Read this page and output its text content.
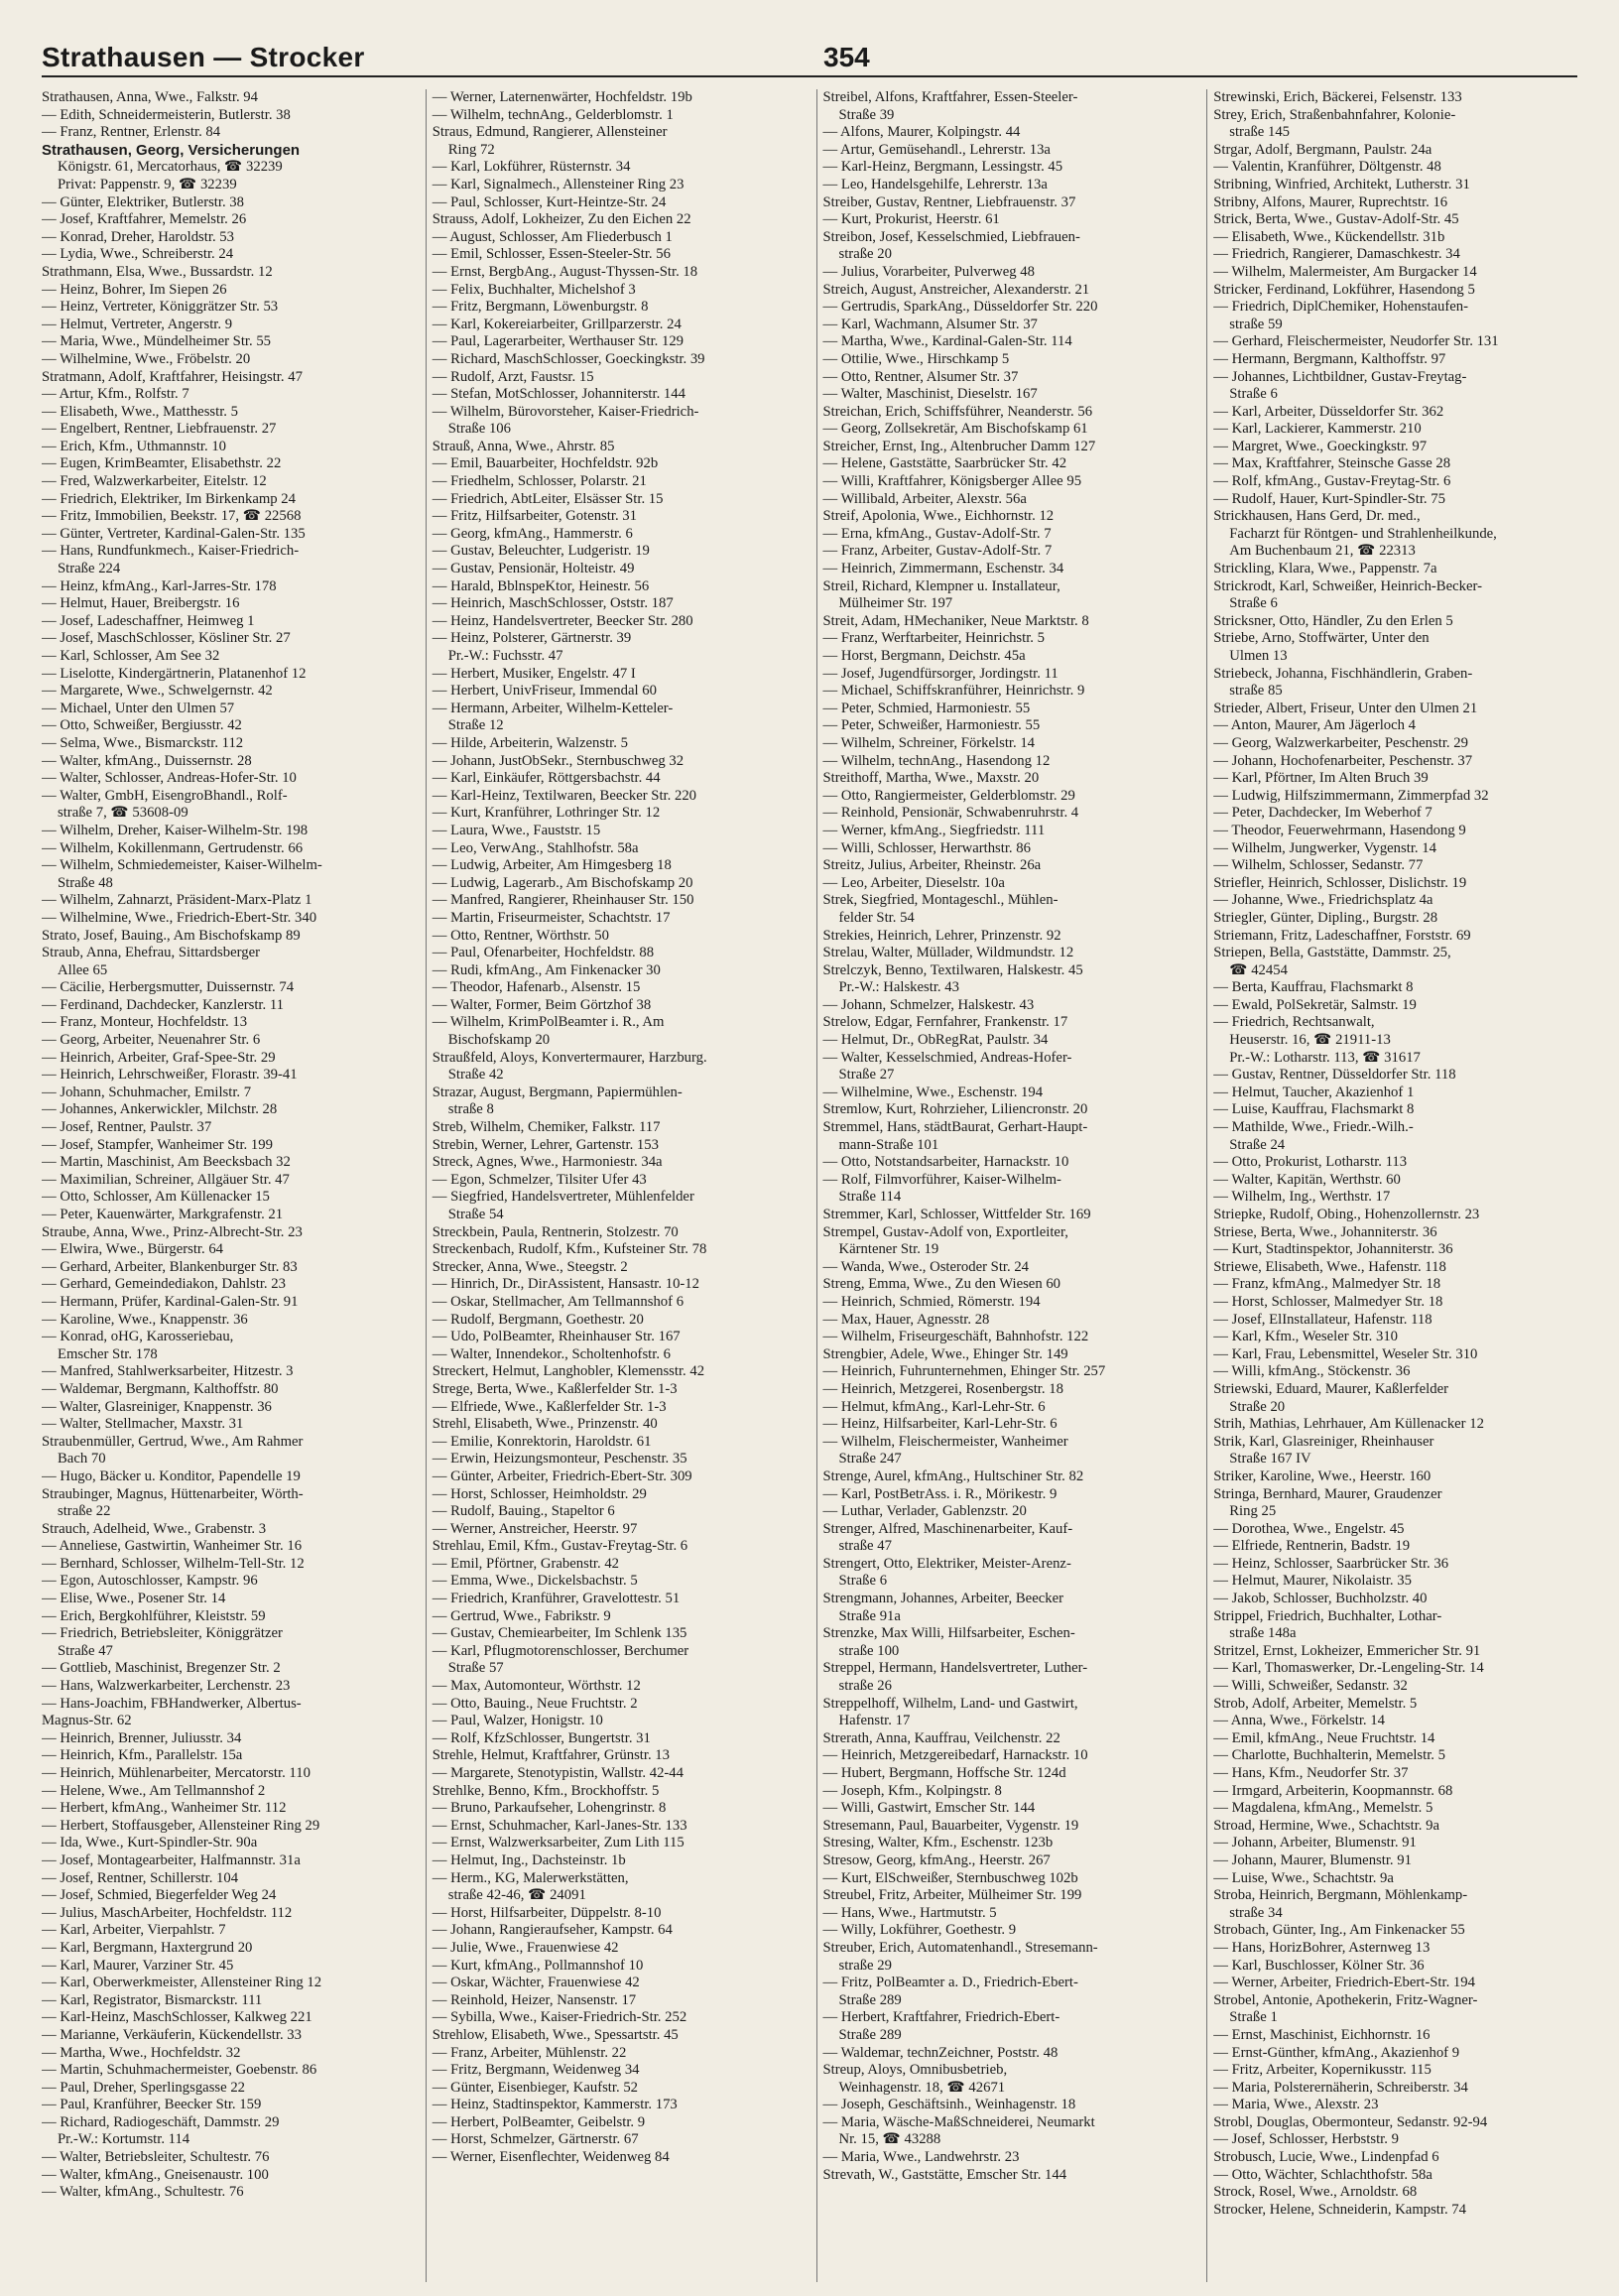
Strathausen — Strocker	354

Strathausen, Anna, Wwe., Falkstr. 94

— Edith, Schneidermeisterin, Butlerstr. 38

— Franz, Rentner, Erlenstr. 84

Strathausen, Georg, Versicherungen

Königstr. 61, Mercatorhaus, ☎ 32239

Privat: Pappenstr. 9, ☎ 32239

— Günter, Elektriker, Butlerstr. 38

— Josef, Kraftfahrer, Memelstr. 26

— Konrad, Dreher, Haroldstr. 53

— Lydia, Wwe., Schreiberstr. 24

Strathmann, Elsa, Wwe., Bussardstr. 12

— Heinz, Bohrer, Im Siepen 26

— Heinz, Vertreter, Königgrätzer Str. 53

— Helmut, Vertreter, Angerstr. 9

— Maria, Wwe., Mündelheimer Str. 55

— Wilhelmine, Wwe., Fröbelstr. 20

Stratmann, Adolf, Kraftfahrer, Heisingstr. 47

— Artur, Kfm., Rolfstr. 7

— Elisabeth, Wwe., Matthesstr. 5

— Engelbert, Rentner, Liebfrauenstr. 27

— Erich, Kfm., Uthmannstr. 10

— Eugen, KrimBeamter, Elisabethstr. 22

— Fred, Walzwerkarbeiter, Eitelstr. 12

— Friedrich, Elektriker, Im Birkenkamp 24

— Fritz, Immobilien, Beekstr. 17, ☎ 22568

— Günter, Vertreter, Kardinal-Galen-Str. 135

— Hans, Rundfunkmech., Kaiser-Friedrich-

Straße 224

— Heinz, kfmAng., Karl-Jarres-Str. 178

— Helmut, Hauer, Breibergstr. 16

— Josef, Ladeschaffner, Heimweg 1

— Josef, MaschSchlosser, Kösliner Str. 27

— Karl, Schlosser, Am See 32

— Liselotte, Kindergärtnerin, Platanenhof 12

— Margarete, Wwe., Schwelgernstr. 42

— Michael, Unter den Ulmen 57

— Otto, Schweißer, Bergiusstr. 42

— Selma, Wwe., Bismarckstr. 112

— Walter, kfmAng., Duissernstr. 28

— Walter, Schlosser, Andreas-Hofer-Str. 10

— Walter, GmbH, EisengroBhandl., Rolf-

straße 7, ☎ 53608-09

— Wilhelm, Dreher, Kaiser-Wilhelm-Str. 198

— Wilhelm, Kokillenmann, Gertrudenstr. 66

— Wilhelm, Schmiedemeister, Kaiser-Wilhelm-

Straße 48

— Wilhelm, Zahnarzt, Präsident-Marx-Platz 1

— Wilhelmine, Wwe., Friedrich-Ebert-Str. 340

Strato, Josef, Bauing., Am Bischofskamp 89

Straub, Anna, Ehefrau, Sittardsberger

Allee 65

— Cäcilie, Herbergsmutter, Duissernstr. 74

— Ferdinand, Dachdecker, Kanzlerstr. 11

— Franz, Monteur, Hochfeldstr. 13

— Georg, Arbeiter, Neuenahrer Str. 6

— Heinrich, Arbeiter, Graf-Spee-Str. 29

— Heinrich, Lehrschweißer, Florastr. 39-41

— Johann, Schuhmacher, Emilstr. 7

— Johannes, Ankerwickler, Milchstr. 28

— Josef, Rentner, Paulstr. 37

— Josef, Stampfer, Wanheimer Str. 199

— Martin, Maschinist, Am Beecksbach 32

— Maximilian, Schreiner, Allgäuer Str. 47

— Otto, Schlosser, Am Küllenacker 15

— Peter, Kauenwärter, Markgrafenstr. 21

Straube, Anna, Wwe., Prinz-Albrecht-Str. 23

— Elwira, Wwe., Bürgerstr. 64

— Gerhard, Arbeiter, Blankenburger Str. 83

— Gerhard, Gemeindediakon, Dahlstr. 23

— Hermann, Prüfer, Kardinal-Galen-Str. 91

— Karoline, Wwe., Knappenstr. 36

— Konrad, oHG, Karosseriebau,

Emscher Str. 178

— Manfred, Stahlwerksarbeiter, Hitzestr. 3

— Waldemar, Bergmann, Kalthoffstr. 80

— Walter, Glasreiniger, Knappenstr. 36

— Walter, Stellmacher, Maxstr. 31

Straubenmüller, Gertrud, Wwe., Am Rahmer

Bach 70

— Hugo, Bäcker u. Konditor, Papendelle 19

Straubinger, Magnus, Hüttenarbeiter, Wörth-

straße 22

Strauch, Adelheid, Wwe., Grabenstr. 3

— Anneliese, Gastwirtin, Wanheimer Str. 16

— Bernhard, Schlosser, Wilhelm-Tell-Str. 12

— Egon, Autoschlosser, Kampstr. 96

— Elise, Wwe., Posener Str. 14

— Erich, Bergkohlführer, Kleiststr. 59

— Friedrich, Betriebsleiter, Königgrätzer

Straße 47

— Gottlieb, Maschinist, Bregenzer Str. 2

— Hans, Walzwerkarbeiter, Lerchenstr. 23

— Hans-Joachim, FBHandwerker, Albertus-

Magnus-Str. 62

— Heinrich, Brenner, Juliusstr. 34

— Heinrich, Kfm., Parallelstr. 15a

— Heinrich, Mühlenarbeiter, Mercatorstr. 110

— Helene, Wwe., Am Tellmannshof 2

— Herbert, kfmAng., Wanheimer Str. 112

— Herbert, Stoffausgeber, Allensteiner Ring 29

— Ida, Wwe., Kurt-Spindler-Str. 90a

— Josef, Montagearbeiter, Halfmannstr. 31a

— Josef, Rentner, Schillerstr. 104

— Josef, Schmied, Biegerfelder Weg 24

— Julius, MaschArbeiter, Hochfeldstr. 112

— Karl, Arbeiter, Vierpahlstr. 7

— Karl, Bergmann, Haxtergrund 20

— Karl, Maurer, Varziner Str. 45

— Karl, Oberwerkmeister, Allensteiner Ring 12

— Karl, Registrator, Bismarckstr. 111

— Karl-Heinz, MaschSchlosser, Kalkweg 221

— Marianne, Verkäuferin, Kückendellstr. 33

— Martha, Wwe., Hochfeldstr. 32

— Martin, Schuhmachermeister, Goebenstr. 86

— Paul, Dreher, Sperlingsgasse 22

— Paul, Kranführer, Beecker Str. 159

— Richard, Radiogeschäft, Dammstr. 29

Pr.-W.: Kortumstr. 114

— Walter, Betriebsleiter, Schultestr. 76

— Walter, kfmAng., Gneisenaustr. 100

— Walter, kfmAng., Schultestr. 76

— Werner, Laternenwärter, Hochfeldstr. 19b

— Wilhelm, technAng., Gelderblomstr. 1

Straus, Edmund, Rangierer, Allensteiner

Ring 72

— Karl, Lokführer, Rüsternstr. 34

— Karl, Signalmech., Allensteiner Ring 23

— Paul, Schlosser, Kurt-Heintze-Str. 24

Strauss, Adolf, Lokheizer, Zu den Eichen 22

— August, Schlosser, Am Fliederbusch 1

— Emil, Schlosser, Essen-Steeler-Str. 56

— Ernst, BergbAng., August-Thyssen-Str. 18

— Felix, Buchhalter, Michelshof 3

— Fritz, Bergmann, Löwenburgstr. 8

— Karl, Kokereiarbeiter, Grillparzerstr. 24

— Paul, Lagerarbeiter, Werthauser Str. 129

— Richard, MaschSchlosser, Goeckingkstr. 39

— Rudolf, Arzt, Faustsr. 15

— Stefan, MotSchlosser, Johanniterstr. 144

— Wilhelm, Bürovorsteher, Kaiser-Friedrich-

Straße 106

Strauß, Anna, Wwe., Ahrstr. 85

— Emil, Bauarbeiter, Hochfeldstr. 92b

— Friedhelm, Schlosser, Polarstr. 21

— Friedrich, AbtLeiter, Elsässer Str. 15

— Fritz, Hilfsarbeiter, Gotenstr. 31

— Georg, kfmAng., Hammerstr. 6

— Gustav, Beleuchter, Ludgeristr. 19

— Gustav, Pensionär, Holteistr. 49

— Harald, BblnspeKtor, Heinestr. 56

— Heinrich, MaschSchlosser, Oststr. 187

— Heinz, Handelsvertreter, Beecker Str. 280

— Heinz, Polsterer, Gärtnerstr. 39

Pr.-W.: Fuchsstr. 47

— Herbert, Musiker, Engelstr. 47 I

— Herbert, UnivFriseur, Immendal 60

— Hermann, Arbeiter, Wilhelm-Ketteler-

Straße 12

— Hilde, Arbeiterin, Walzenstr. 5

— Johann, JustObSekr., Sternbuschweg 32

— Karl, Einkäufer, Röttgersbachstr. 44

— Karl-Heinz, Textilwaren, Beecker Str. 220

— Kurt, Kranführer, Lothringer Str. 12

— Laura, Wwe., Fauststr. 15

— Leo, VerwAng., Stahlhofstr. 58a

— Ludwig, Arbeiter, Am Himgesberg 18

— Ludwig, Lagerarb., Am Bischofskamp 20

— Manfred, Rangierer, Rheinhauser Str. 150

— Martin, Friseurmeister, Schachtstr. 17

— Otto, Rentner, Wörthstr. 50

— Paul, Ofenarbeiter, Hochfeldstr. 88

— Rudi, kfmAng., Am Finkenacker 30

— Theodor, Hafenarb., Alsenstr. 15

— Walter, Former, Beim Görtzhof 38

— Wilhelm, KrimPolBeamter i. R., Am

Bischofskamp 20

Straußfeld, Aloys, Konvertermaurer, Harzburg.

Straße 42

Strazar, August, Bergmann, Papiermühlen-

straße 8

Streb, Wilhelm, Chemiker, Falkstr. 117

Strebin, Werner, Lehrer, Gartenstr. 153

Streck, Agnes, Wwe., Harmoniestr. 34a

— Egon, Schmelzer, Tilsiter Ufer 43

— Siegfried, Handelsvertreter, Mühlenfelder

Straße 54

Streckbein, Paula, Rentnerin, Stolzestr. 70

Streckenbach, Rudolf, Kfm., Kufsteiner Str. 78

Strecker, Anna, Wwe., Steegstr. 2

— Hinrich, Dr., DirAssistent, Hansastr. 10-12

— Oskar, Stellmacher, Am Tellmannshof 6

— Rudolf, Bergmann, Goethestr. 20

— Udo, PolBeamter, Rheinhauser Str. 167

— Walter, Innendekor., Scholtenhofstr. 6

Streckert, Helmut, Langhobler, Klemensstr. 42

Strege, Berta, Wwe., Kaßlerfelder Str. 1-3

— Elfriede, Wwe., Kaßlerfelder Str. 1-3

Strehl, Elisabeth, Wwe., Prinzenstr. 40

— Emilie, Konrektorin, Haroldstr. 61

— Erwin, Heizungsmonteur, Peschenstr. 35

— Günter, Arbeiter, Friedrich-Ebert-Str. 309

— Horst, Schlosser, Heimholdstr. 29

— Rudolf, Bauing., Stapeltor 6

— Werner, Anstreicher, Heerstr. 97

Strehlau, Emil, Kfm., Gustav-Freytag-Str. 6

— Emil, Pförtner, Grabenstr. 42

— Emma, Wwe., Dickelsbachstr. 5

— Friedrich, Kranführer, Gravelottestr. 51

— Gertrud, Wwe., Fabrikstr. 9

— Gustav, Chemiearbeiter, Im Schlenk 135

— Karl, Pflugmotorenschlosser, Berchumer

Straße 57

— Max, Automonteur, Wörthstr. 12

— Otto, Bauing., Neue Fruchtstr. 2

— Paul, Walzer, Honigstr. 10

— Rolf, KfzSchlosser, Bungertstr. 31

Strehle, Helmut, Kraftfahrer, Grünstr. 13

— Margarete, Stenotypistin, Wallstr. 42-44

Strehlke, Benno, Kfm., Brockhoffstr. 5

— Bruno, Parkaufseher, Lohengrinstr. 8

— Ernst, Schuhmacher, Karl-Janes-Str. 133

— Ernst, Walzwerksarbeiter, Zum Lith 115

— Helmut, Ing., Dachsteinstr. 1b

— Herm., KG, Malerwerkstätten,

straße 42-46, ☎ 24091

— Horst, Hilfsarbeiter, Düppelstr. 8-10

— Johann, Rangieraufseher, Kampstr. 64

— Julie, Wwe., Frauenwiese 42

— Kurt, kfmAng., Pollmannshof 10

— Oskar, Wächter, Frauenwiese 42

— Reinhold, Heizer, Nansenstr. 17

— Sybilla, Wwe., Kaiser-Friedrich-Str. 252

Strehlow, Elisabeth, Wwe., Spessartstr. 45

— Franz, Arbeiter, Mühlenstr. 22

— Fritz, Bergmann, Weidenweg 34

— Günter, Eisenbieger, Kaufstr. 52

— Heinz, Stadtinspektor, Kammerstr. 173

— Herbert, PolBeamter, Geibelstr. 9

— Horst, Schmelzer, Gärtnerstr. 67

— Werner, Eisenflechter, Weidenweg 84

Streibel, Alfons, Kraftfahrer, Essen-Steeler-

Straße 39

— Alfons, Maurer, Kolpingstr. 44

— Artur, Gemüsehandl., Lehrerstr. 13a

— Karl-Heinz, Bergmann, Lessingstr. 45

— Leo, Handelsgehilfe, Lehrerstr. 13a

Streiber, Gustav, Rentner, Liebfrauenstr. 37

— Kurt, Prokurist, Heerstr. 61

Streibon, Josef, Kesselschmied, Liebfrauen-

straße 20

— Julius, Vorarbeiter, Pulverweg 48

Streich, August, Anstreicher, Alexanderstr. 21

— Gertrudis, SparkAng., Düsseldorfer Str. 220

— Karl, Wachmann, Alsumer Str. 37

— Martha, Wwe., Kardinal-Galen-Str. 114

— Ottilie, Wwe., Hirschkamp 5

— Otto, Rentner, Alsumer Str. 37

— Walter, Maschinist, Dieselstr. 167

Streichan, Erich, Schiffsführer, Neanderstr. 56

— Georg, Zollsekretär, Am Bischofskamp 61

Streicher, Ernst, Ing., Altenbrucher Damm 127

— Helene, Gaststätte, Saarbrücker Str. 42

— Willi, Kraftfahrer, Königsberger Allee 95

— Willibald, Arbeiter, Alexstr. 56a

Streif, Apolonia, Wwe., Eichhornstr. 12

— Erna, kfmAng., Gustav-Adolf-Str. 7

— Franz, Arbeiter, Gustav-Adolf-Str. 7

— Heinrich, Zimmermann, Eschenstr. 34

Streil, Richard, Klempner u. Installateur,

Mülheimer Str. 197

Streit, Adam, HMechaniker, Neue Marktstr. 8

— Franz, Werftarbeiter, Heinrichstr. 5

— Horst, Bergmann, Deichstr. 45a

— Josef, Jugendfürsorger, Jordingstr. 11

— Michael, Schiffskranführer, Heinrichstr. 9

— Peter, Schmied, Harmoniestr. 55

— Peter, Schweißer, Harmoniestr. 55

— Wilhelm, Schreiner, Förkelstr. 14

— Wilhelm, technAng., Hasendong 12

Streithoff, Martha, Wwe., Maxstr. 20

— Otto, Rangiermeister, Gelderblomstr. 29

— Reinhold, Pensionär, Schwabenruhrstr. 4

— Werner, kfmAng., Siegfriedstr. 111

— Willi, Schlosser, Herwarthstr. 86

Streitz, Julius, Arbeiter, Rheinstr. 26a

— Leo, Arbeiter, Dieselstr. 10a

Strek, Siegfried, Montageschl., Mühlen-

felder Str. 54

Strekies, Heinrich, Lehrer, Prinzenstr. 92

Strelau, Walter, Müllader, Wildmundstr. 12

Strelczyk, Benno, Textilwaren, Halskestr. 45

Pr.-W.: Halskestr. 43

— Johann, Schmelzer, Halskestr. 43

Strelow, Edgar, Fernfahrer, Frankenstr. 17

— Helmut, Dr., ObRegRat, Paulstr. 34

— Walter, Kesselschmied, Andreas-Hofer-

Straße 27

— Wilhelmine, Wwe., Eschenstr. 194

Stremlow, Kurt, Rohrzieher, Liliencronstr. 20

Stremmel, Hans, städtBaurat, Gerhart-Haupt-

mann-Straße 101

— Otto, Notstandsarbeiter, Harnackstr. 10

— Rolf, Filmvorführer, Kaiser-Wilhelm-

Straße 114

Stremmer, Karl, Schlosser, Wittfelder Str. 169

Strempel, Gustav-Adolf von, Exportleiter,

Kärntener Str. 19

— Wanda, Wwe., Osteroder Str. 24

Streng, Emma, Wwe., Zu den Wiesen 60

— Heinrich, Schmied, Römerstr. 194

— Max, Hauer, Agnesstr. 28

— Wilhelm, Friseurgeschäft, Bahnhofstr. 122

Strengbier, Adele, Wwe., Ehinger Str. 149

— Heinrich, Fuhrunternehmen, Ehinger Str. 257

— Heinrich, Metzgerei, Rosenbergstr. 18

— Helmut, kfmAng., Karl-Lehr-Str. 6

— Heinz, Hilfsarbeiter, Karl-Lehr-Str. 6

— Wilhelm, Fleischermeister, Wanheimer

Straße 247

Strenge, Aurel, kfmAng., Hultschiner Str. 82

— Karl, PostBetrAss. i. R., Mörikestr. 9

— Luthar, Verlader, Gablenzstr. 20

Strenger, Alfred, Maschinenarbeiter, Kauf-

straße 47

Strengert, Otto, Elektriker, Meister-Arenz-

Straße 6

Strengmann, Johannes, Arbeiter, Beecker

Straße 91a

Strenzke, Max Willi, Hilfsarbeiter, Eschen-

straße 100

Streppel, Hermann, Handelsvertreter, Luther-

straße 26

Streppelhoff, Wilhelm, Land- und Gastwirt,

Hafenstr. 17

Strerath, Anna, Kauffrau, Veilchenstr. 22

— Heinrich, Metzgereibedarf, Harnackstr. 10

— Hubert, Bergmann, Hoffsche Str. 124d

— Joseph, Kfm., Kolpingstr. 8

— Willi, Gastwirt, Emscher Str. 144

Stresemann, Paul, Bauarbeiter, Vygenstr. 19

Stresing, Walter, Kfm., Eschenstr. 123b

Stresow, Georg, kfmAng., Heerstr. 267

— Kurt, ElSchweißer, Sternbuschweg 102b

Streubel, Fritz, Arbeiter, Mülheimer Str. 199

— Hans, Wwe., Hartmutstr. 5

— Willy, Lokführer, Goethestr. 9

Streuber, Erich, Automatenhandl., Stresemann-

straße 29

— Fritz, PolBeamter a. D., Friedrich-Ebert-

Straße 289

— Herbert, Kraftfahrer, Friedrich-Ebert-

Straße 289

— Waldemar, technZeichner, Poststr. 48

Streup, Aloys, Omnibusbetrieb,

Weinhagenstr. 18, ☎ 42671

— Joseph, Geschäftsinh., Weinhagenstr. 18

— Maria, Wäsche-MaßSchneiderei, Neumarkt

Nr. 15, ☎ 43288

— Maria, Wwe., Landwehrstr. 23

Strevath, W., Gaststätte, Emscher Str. 144

Strewinski, Erich, Bäckerei, Felsenstr. 133

Strey, Erich, Straßenbahnfahrer, Kolonie-

straße 145

Strgar, Adolf, Bergmann, Paulstr. 24a

— Valentin, Kranführer, Döltgenstr. 48

Stribning, Winfried, Architekt, Lutherstr. 31

Stribny, Alfons, Maurer, Ruprechtstr. 16

Strick, Berta, Wwe., Gustav-Adolf-Str. 45

— Elisabeth, Wwe., Kückendellstr. 31b

— Friedrich, Rangierer, Damaschkestr. 34

— Wilhelm, Malermeister, Am Burgacker 14

Stricker, Ferdinand, Lokführer, Hasendong 5

— Friedrich, DiplChemiker, Hohenstaufen-

straße 59

— Gerhard, Fleischermeister, Neudorfer Str. 131

— Hermann, Bergmann, Kalthoffstr. 97

— Johannes, Lichtbildner, Gustav-Freytag-

Straße 6

— Karl, Arbeiter, Düsseldorfer Str. 362

— Karl, Lackierer, Kammerstr. 210

— Margret, Wwe., Goeckingkstr. 97

— Max, Kraftfahrer, Steinsche Gasse 28

— Rolf, kfmAng., Gustav-Freytag-Str. 6

— Rudolf, Hauer, Kurt-Spindler-Str. 75

Strickhausen, Hans Gerd, Dr. med.,

Facharzt für Röntgen- und Strahlenheilkunde,

Am Buchenbaum 21, ☎ 22313

Strickling, Klara, Wwe., Pappenstr. 7a

Strickrodt, Karl, Schweißer, Heinrich-Becker-

Straße 6

Stricksner, Otto, Händler, Zu den Erlen 5

Striebe, Arno, Stoffwärter, Unter den

Ulmen 13

Striebeck, Johanna, Fischhändlerin, Graben-

straße 85

Strieder, Albert, Friseur, Unter den Ulmen 21

— Anton, Maurer, Am Jägerloch 4

— Georg, Walzwerkarbeiter, Peschenstr. 29

— Johann, Hochofenarbeiter, Peschenstr. 37

— Karl, Pförtner, Im Alten Bruch 39

— Ludwig, Hilfszimmermann, Zimmerpfad 32

— Peter, Dachdecker, Im Weberhof 7

— Theodor, Feuerwehrmann, Hasendong 9

— Wilhelm, Jungwerker, Vygenstr. 14

— Wilhelm, Schlosser, Sedanstr. 77

Striefler, Heinrich, Schlosser, Dislichstr. 19

— Johanne, Wwe., Friedrichsplatz 4a

Striegler, Günter, Dipling., Burgstr. 28

Striemann, Fritz, Ladeschaffner, Forststr. 69

Striepen, Bella, Gaststätte, Dammstr. 25,

☎ 42454

— Berta, Kauffrau, Flachsmarkt 8

— Ewald, PolSekretär, Salmstr. 19

— Friedrich, Rechtsanwalt,

Heuserstr. 16, ☎ 21911-13

Pr.-W.: Lotharstr. 113, ☎ 31617

— Gustav, Rentner, Düsseldorfer Str. 118

— Helmut, Taucher, Akazienhof 1

— Luise, Kauffrau, Flachsmarkt 8

— Mathilde, Wwe., Friedr.-Wilh.-

Straße 24

— Otto, Prokurist, Lotharstr. 113

— Walter, Kapitän, Werthstr. 60

— Wilhelm, Ing., Werthstr. 17

Striepke, Rudolf, Obing., Hohenzollernstr. 23

Striese, Berta, Wwe., Johanniterstr. 36

— Kurt, Stadtinspektor, Johanniterstr. 36

Striewe, Elisabeth, Wwe., Hafenstr. 118

— Franz, kfmAng., Malmedyer Str. 18

— Horst, Schlosser, Malmedyer Str. 18

— Josef, ElInstallateur, Hafenstr. 118

— Karl, Kfm., Weseler Str. 310

— Karl, Frau, Lebensmittel, Weseler Str. 310

— Willi, kfmAng., Stöckenstr. 36

Striewski, Eduard, Maurer, Kaßlerfelder

Straße 20

Strih, Mathias, Lehrhauer, Am Küllenacker 12

Strik, Karl, Glasreiniger, Rheinhauser

Straße 167 IV

Striker, Karoline, Wwe., Heerstr. 160

Stringa, Bernhard, Maurer, Graudenzer

Ring 25

— Dorothea, Wwe., Engelstr. 45

— Elfriede, Rentnerin, Badstr. 19

— Heinz, Schlosser, Saarbrücker Str. 36

— Helmut, Maurer, Nikolaistr. 35

— Jakob, Schlosser, Buchholzstr. 40

Strippel, Friedrich, Buchhalter, Lothar-

straße 148a

Stritzel, Ernst, Lokheizer, Emmericher Str. 91

— Karl, Thomaswerker, Dr.-Lengeling-Str. 14

— Willi, Schweißer, Sedanstr. 32

Strob, Adolf, Arbeiter, Memelstr. 5

— Anna, Wwe., Förkelstr. 14

— Emil, kfmAng., Neue Fruchtstr. 14

— Charlotte, Buchhalterin, Memelstr. 5

— Hans, Kfm., Neudorfer Str. 37

— Irmgard, Arbeiterin, Koopmannstr. 68

— Magdalena, kfmAng., Memelstr. 5

Stroad, Hermine, Wwe., Schachtstr. 9a

— Johann, Arbeiter, Blumenstr. 91

— Johann, Maurer, Blumenstr. 91

— Luise, Wwe., Schachtstr. 9a

Stroba, Heinrich, Bergmann, Möhlenkamp-

straße 34

Strobach, Günter, Ing., Am Finkenacker 55

— Hans, HorizBohrer, Asternweg 13

— Karl, Buschlosser, Kölner Str. 36

— Werner, Arbeiter, Friedrich-Ebert-Str. 194

Strobel, Antonie, Apothekerin, Fritz-Wagner-

Straße 1

— Ernst, Maschinist, Eichhornstr. 16

— Ernst-Günther, kfmAng., Akazienhof 9

— Fritz, Arbeiter, Kopernikusstr. 115

— Maria, Polsterernäherin, Schreiberstr. 34

— Maria, Wwe., Alexstr. 23

Strobl, Douglas, Obermonteur, Sedanstr. 92-94

— Josef, Schlosser, Herbststr. 9

Strobusch, Lucie, Wwe., Lindenpfad 6

— Otto, Wächter, Schlachthofstr. 58a

Strock, Rosel, Wwe., Arnoldstr. 68

Strocker, Helene, Schneiderin, Kampstr. 74
